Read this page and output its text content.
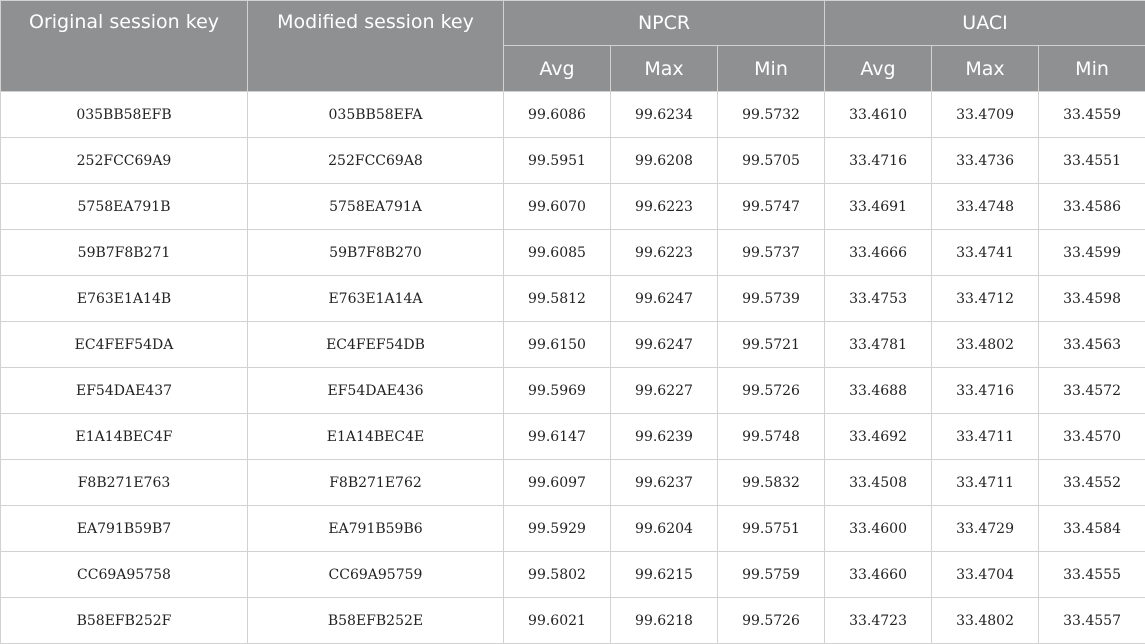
Original session key	Modified session key	NPCR			UACI		
		Avg	Max	Min	Avg	Max	Min
035BB58EFB	035BB58EFA	99.6086	99.6234	99.5732	33.4610	33.4709	33.4559
252FCC69A9	252FCC69A8	99.5951	99.6208	99.5705	33.4716	33.4736	33.4551
5758EA791B	5758EA791A	99.6070	99.6223	99.5747	33.4691	33.4748	33.4586
59B7F8B271	59B7F8B270	99.6085	99.6223	99.5737	33.4666	33.4741	33.4599
E763E1A14B	E763E1A14A	99.5812	99.6247	99.5739	33.4753	33.4712	33.4598
EC4FEF54DA	EC4FEF54DB	99.6150	99.6247	99.5721	33.4781	33.4802	33.4563
EF54DAE437	EF54DAE436	99.5969	99.6227	99.5726	33.4688	33.4716	33.4572
E1A14BEC4F	E1A14BEC4E	99.6147	99.6239	99.5748	33.4692	33.4711	33.4570
F8B271E763	F8B271E762	99.6097	99.6237	99.5832	33.4508	33.4711	33.4552
EA791B59B7	EA791B59B6	99.5929	99.6204	99.5751	33.4600	33.4729	33.4584
CC69A95758	CC69A95759	99.5802	99.6215	99.5759	33.4660	33.4704	33.4555
B58EFB252F	B58EFB252E	99.6021	99.6218	99.5726	33.4723	33.4802	33.4557
